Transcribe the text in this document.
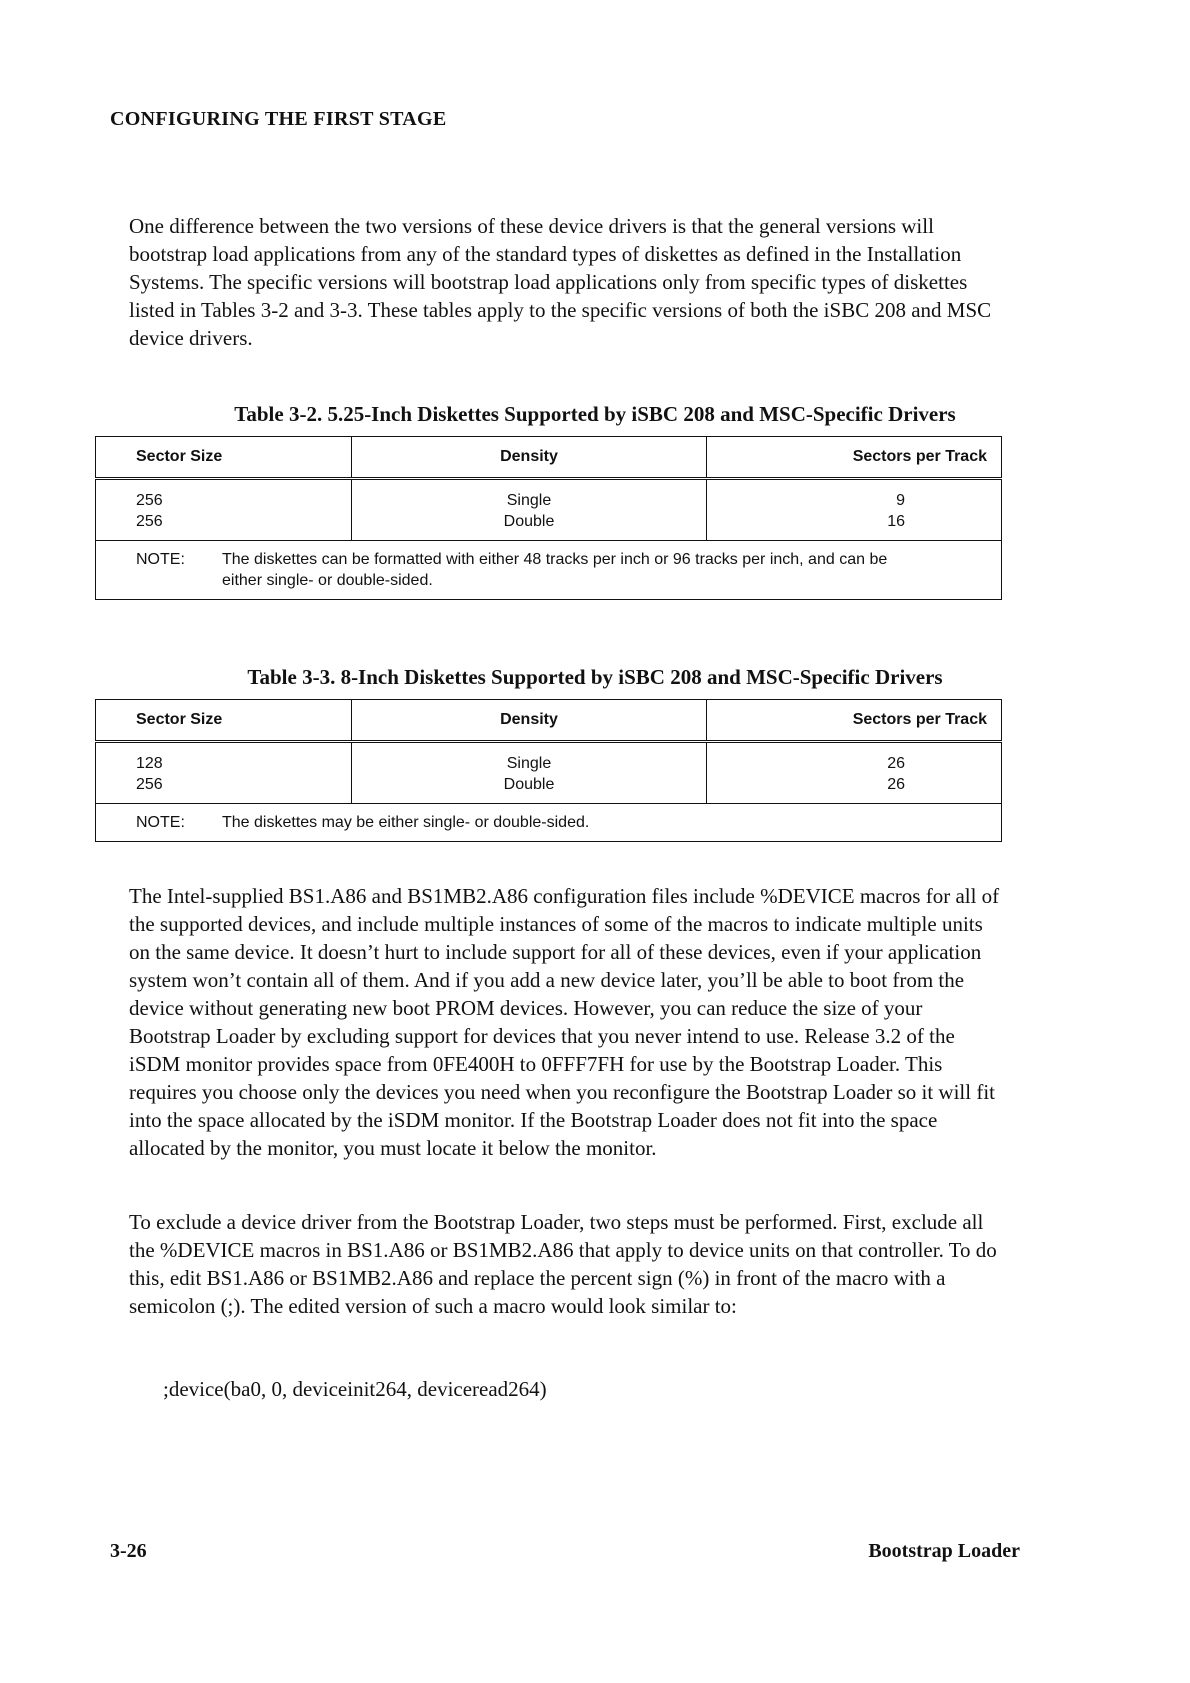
CONFIGURING THE FIRST STAGE
One difference between the two versions of these device drivers is that the general versions will bootstrap load applications from any of the standard types of diskettes as defined in the Installation Systems. The specific versions will bootstrap load applications only from specific types of diskettes listed in Tables 3-2 and 3-3. These tables apply to the specific versions of both the iSBC 208 and MSC device drivers.
Table 3-2. 5.25-Inch Diskettes Supported by iSBC 208 and MSC-Specific Drivers
Sector Size	Density	Sectors per Track
256	Single	9
256	Double	16

NOTE: The diskettes can be formatted with either 48 tracks per inch or 96 tracks per inch, and can be either single- or double-sided.		
Table 3-3. 8-Inch Diskettes Supported by iSBC 208 and MSC-Specific Drivers
Sector Size	Density	Sectors per Track
128	Single	26
256	Double	26

NOTE: The diskettes may be either single- or double-sided.		
The Intel-supplied BS1.A86 and BS1MB2.A86 configuration files include %DEVICE macros for all of the supported devices, and include multiple instances of some of the macros to indicate multiple units on the same device. It doesn’t hurt to include support for all of these devices, even if your application system won’t contain all of them. And if you add a new device later, you’ll be able to boot from the device without generating new boot PROM devices. However, you can reduce the size of your Bootstrap Loader by excluding support for devices that you never intend to use. Release 3.2 of the iSDM monitor provides space from 0FE400H to 0FFF7FH for use by the Bootstrap Loader. This requires you choose only the devices you need when you reconfigure the Bootstrap Loader so it will fit into the space allocated by the iSDM monitor. If the Bootstrap Loader does not fit into the space allocated by the monitor, you must locate it below the monitor.
To exclude a device driver from the Bootstrap Loader, two steps must be performed. First, exclude all the %DEVICE macros in BS1.A86 or BS1MB2.A86 that apply to device units on that controller. To do this, edit BS1.A86 or BS1MB2.A86 and replace the percent sign (%) in front of the macro with a semicolon (;). The edited version of such a macro would look similar to:
;device(ba0, 0, deviceinit264, deviceread264)
3-26	Bootstrap Loader
